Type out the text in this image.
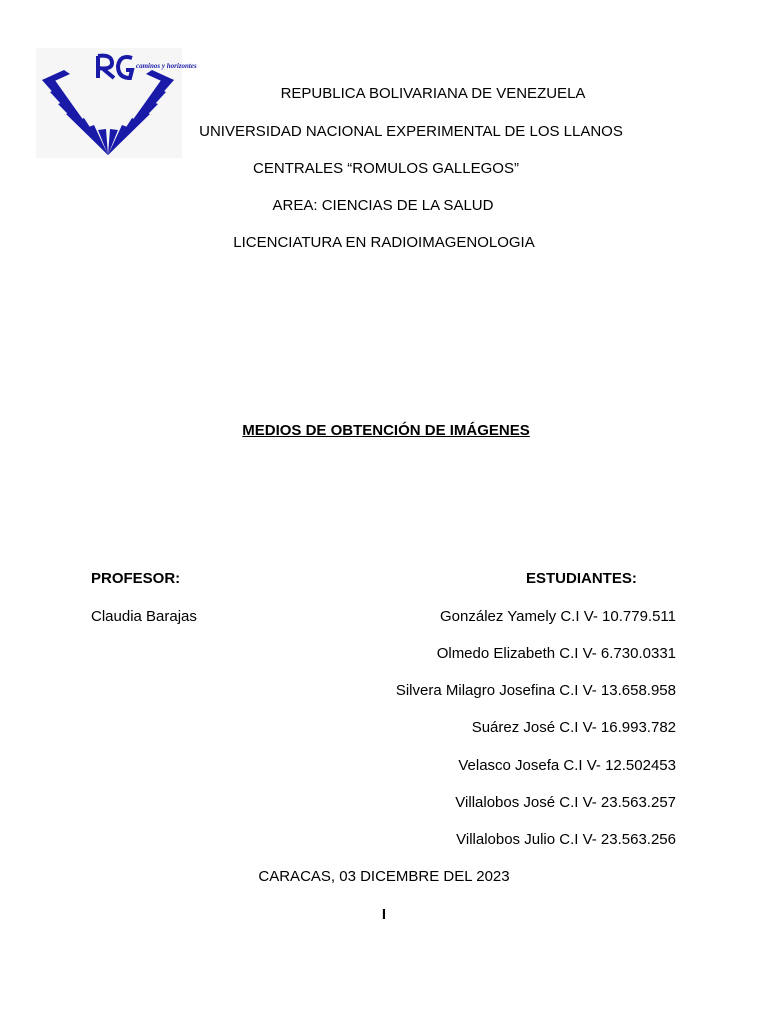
caminos y horizontes
REPUBLICA BOLIVARIANA DE VENEZUELA
UNIVERSIDAD NACIONAL EXPERIMENTAL DE LOS LLANOS
CENTRALES “ROMULOS GALLEGOS”
AREA: CIENCIAS DE LA SALUD
LICENCIATURA EN RADIOIMAGENOLOGIA
MEDIOS DE OBTENCIÓN DE IMÁGENES
PROFESOR:
Claudia Barajas
ESTUDIANTES:
González Yamely C.I V- 10.779.511
Olmedo Elizabeth C.I V- 6.730.0331
Silvera Milagro Josefina C.I V- 13.658.958
Suárez José C.I V- 16.993.782
Velasco Josefa C.I V- 12.502453
Villalobos José C.I V- 23.563.257
Villalobos Julio C.I V- 23.563.256
CARACAS, 03 DICEMBRE DEL 2023
I
